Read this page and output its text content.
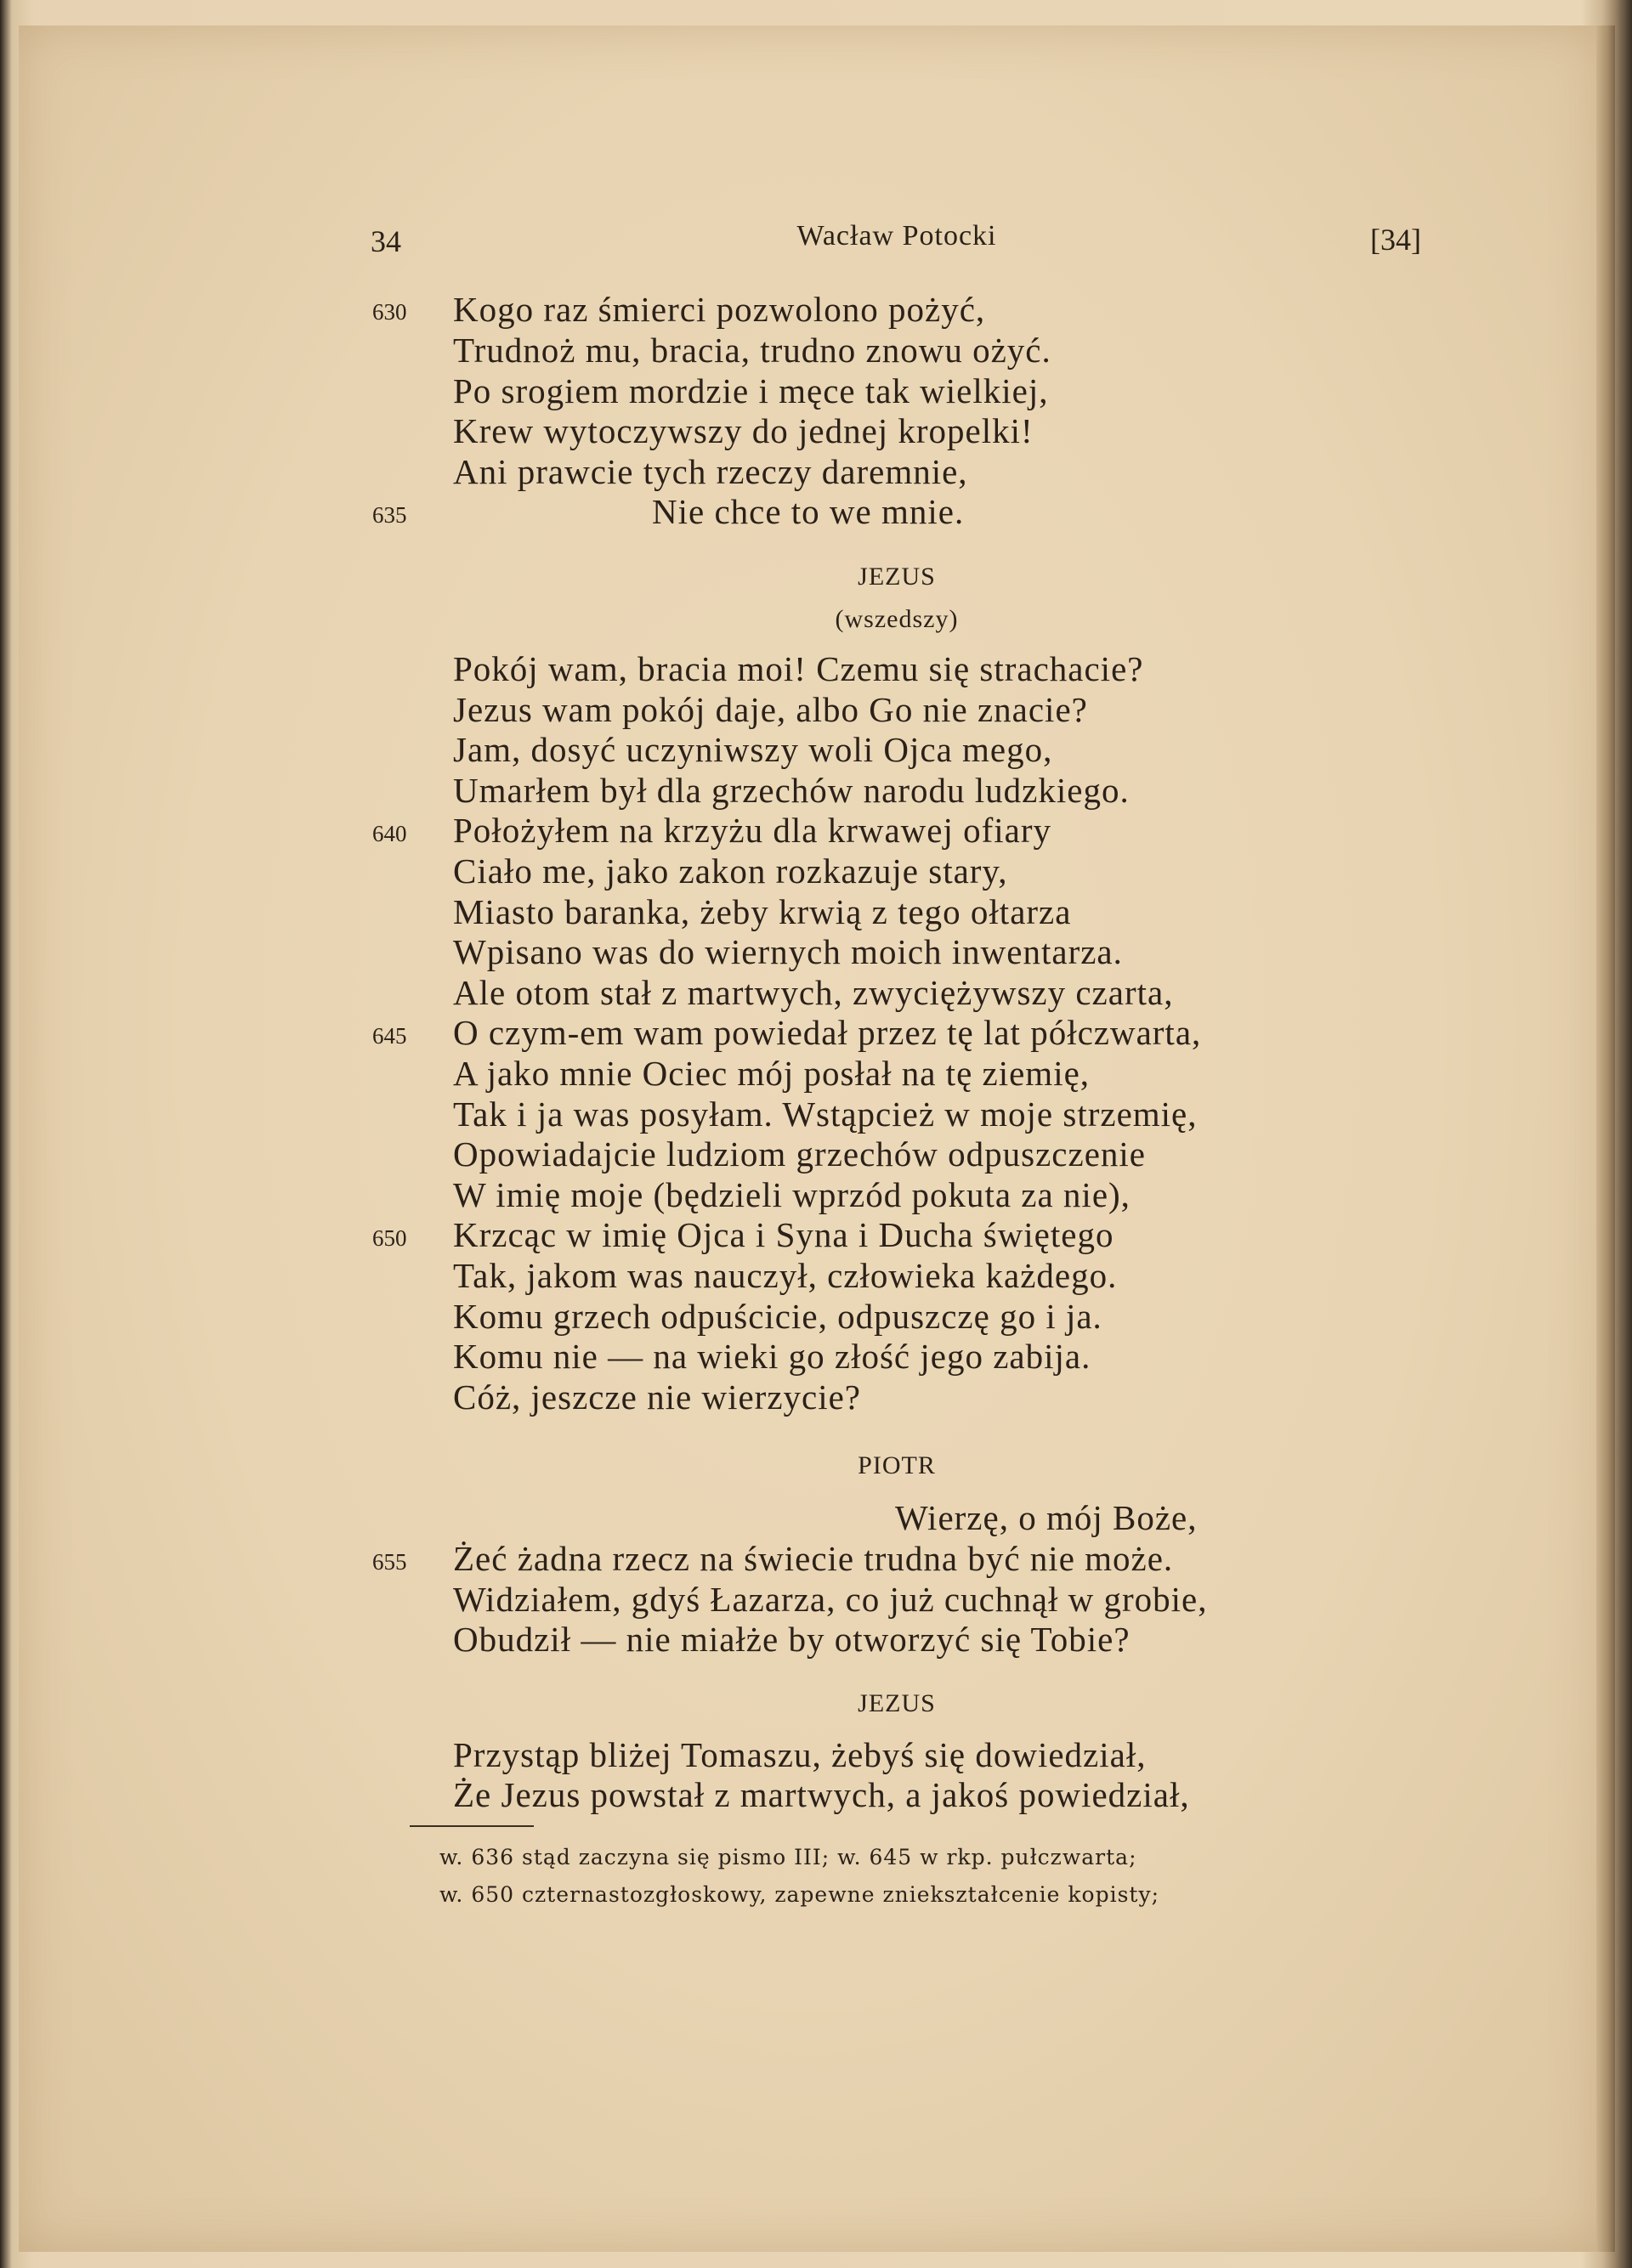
34	Wacław Potocki	[34]
630 Kogo raz śmierci pozwolono pożyć,
Trudnoż mu, bracia, trudno znowu ożyć.
Po srogiem mordzie i męce tak wielkiej,
Krew wytoczywszy do jednej kropelki!
Ani prawcie tych rzeczy daremnie,
635	Nie chce to we mnie.
JEZUS
(wszedszy)
Pokój wam, bracia moi! Czemu się strachacie?
Jezus wam pokój daje, albo Go nie znacie?
Jam, dosyć uczyniwszy woli Ojca mego,
Umarłem był dla grzechów narodu ludzkiego.
640 Położyłem na krzyżu dla krwawej ofiary
Ciało me, jako zakon rozkazuje stary,
Miasto baranka, żeby krwią z tego ołtarza
Wpisano was do wiernych moich inwentarza.
Ale otom stał z martwych, zwyciężywszy czarta,
645 O czym-em wam powiedał przez tę lat półczwarta,
A jako mnie Ociec mój posłał na tę ziemię,
Tak i ja was posyłam. Wstąpcież w moje strzemię,
Opowiadajcie ludziom grzechów odpuszczenie
W imię moje (będzieli wprzód pokuta za nie),
650 Krzcąc w imię Ojca i Syna i Ducha świętego
Tak, jakom was nauczył, człowieka każdego.
Komu grzech odpuścicie, odpuszczę go i ja.
Komu nie — na wieki go złość jego zabija.
Cóż, jeszcze nie wierzycie?
PIOTR
Wierzę, o mój Boże,
655 Żeć żadna rzecz na świecie trudna być nie może.
Widziałem, gdyś Łazarza, co już cuchnął w grobie,
Obudził — nie miałże by otworzyć się Tobie?
JEZUS
Przystąp bliżej Tomaszu, żebyś się dowiedział,
Że Jezus powstał z martwych, a jakoś powiedział,
w. 636 stąd zaczyna się pismo III; w. 645 w rkp. pułczwarta;
w. 650 czternastozgłoskowy, zapewne zniekształcenie kopisty;
